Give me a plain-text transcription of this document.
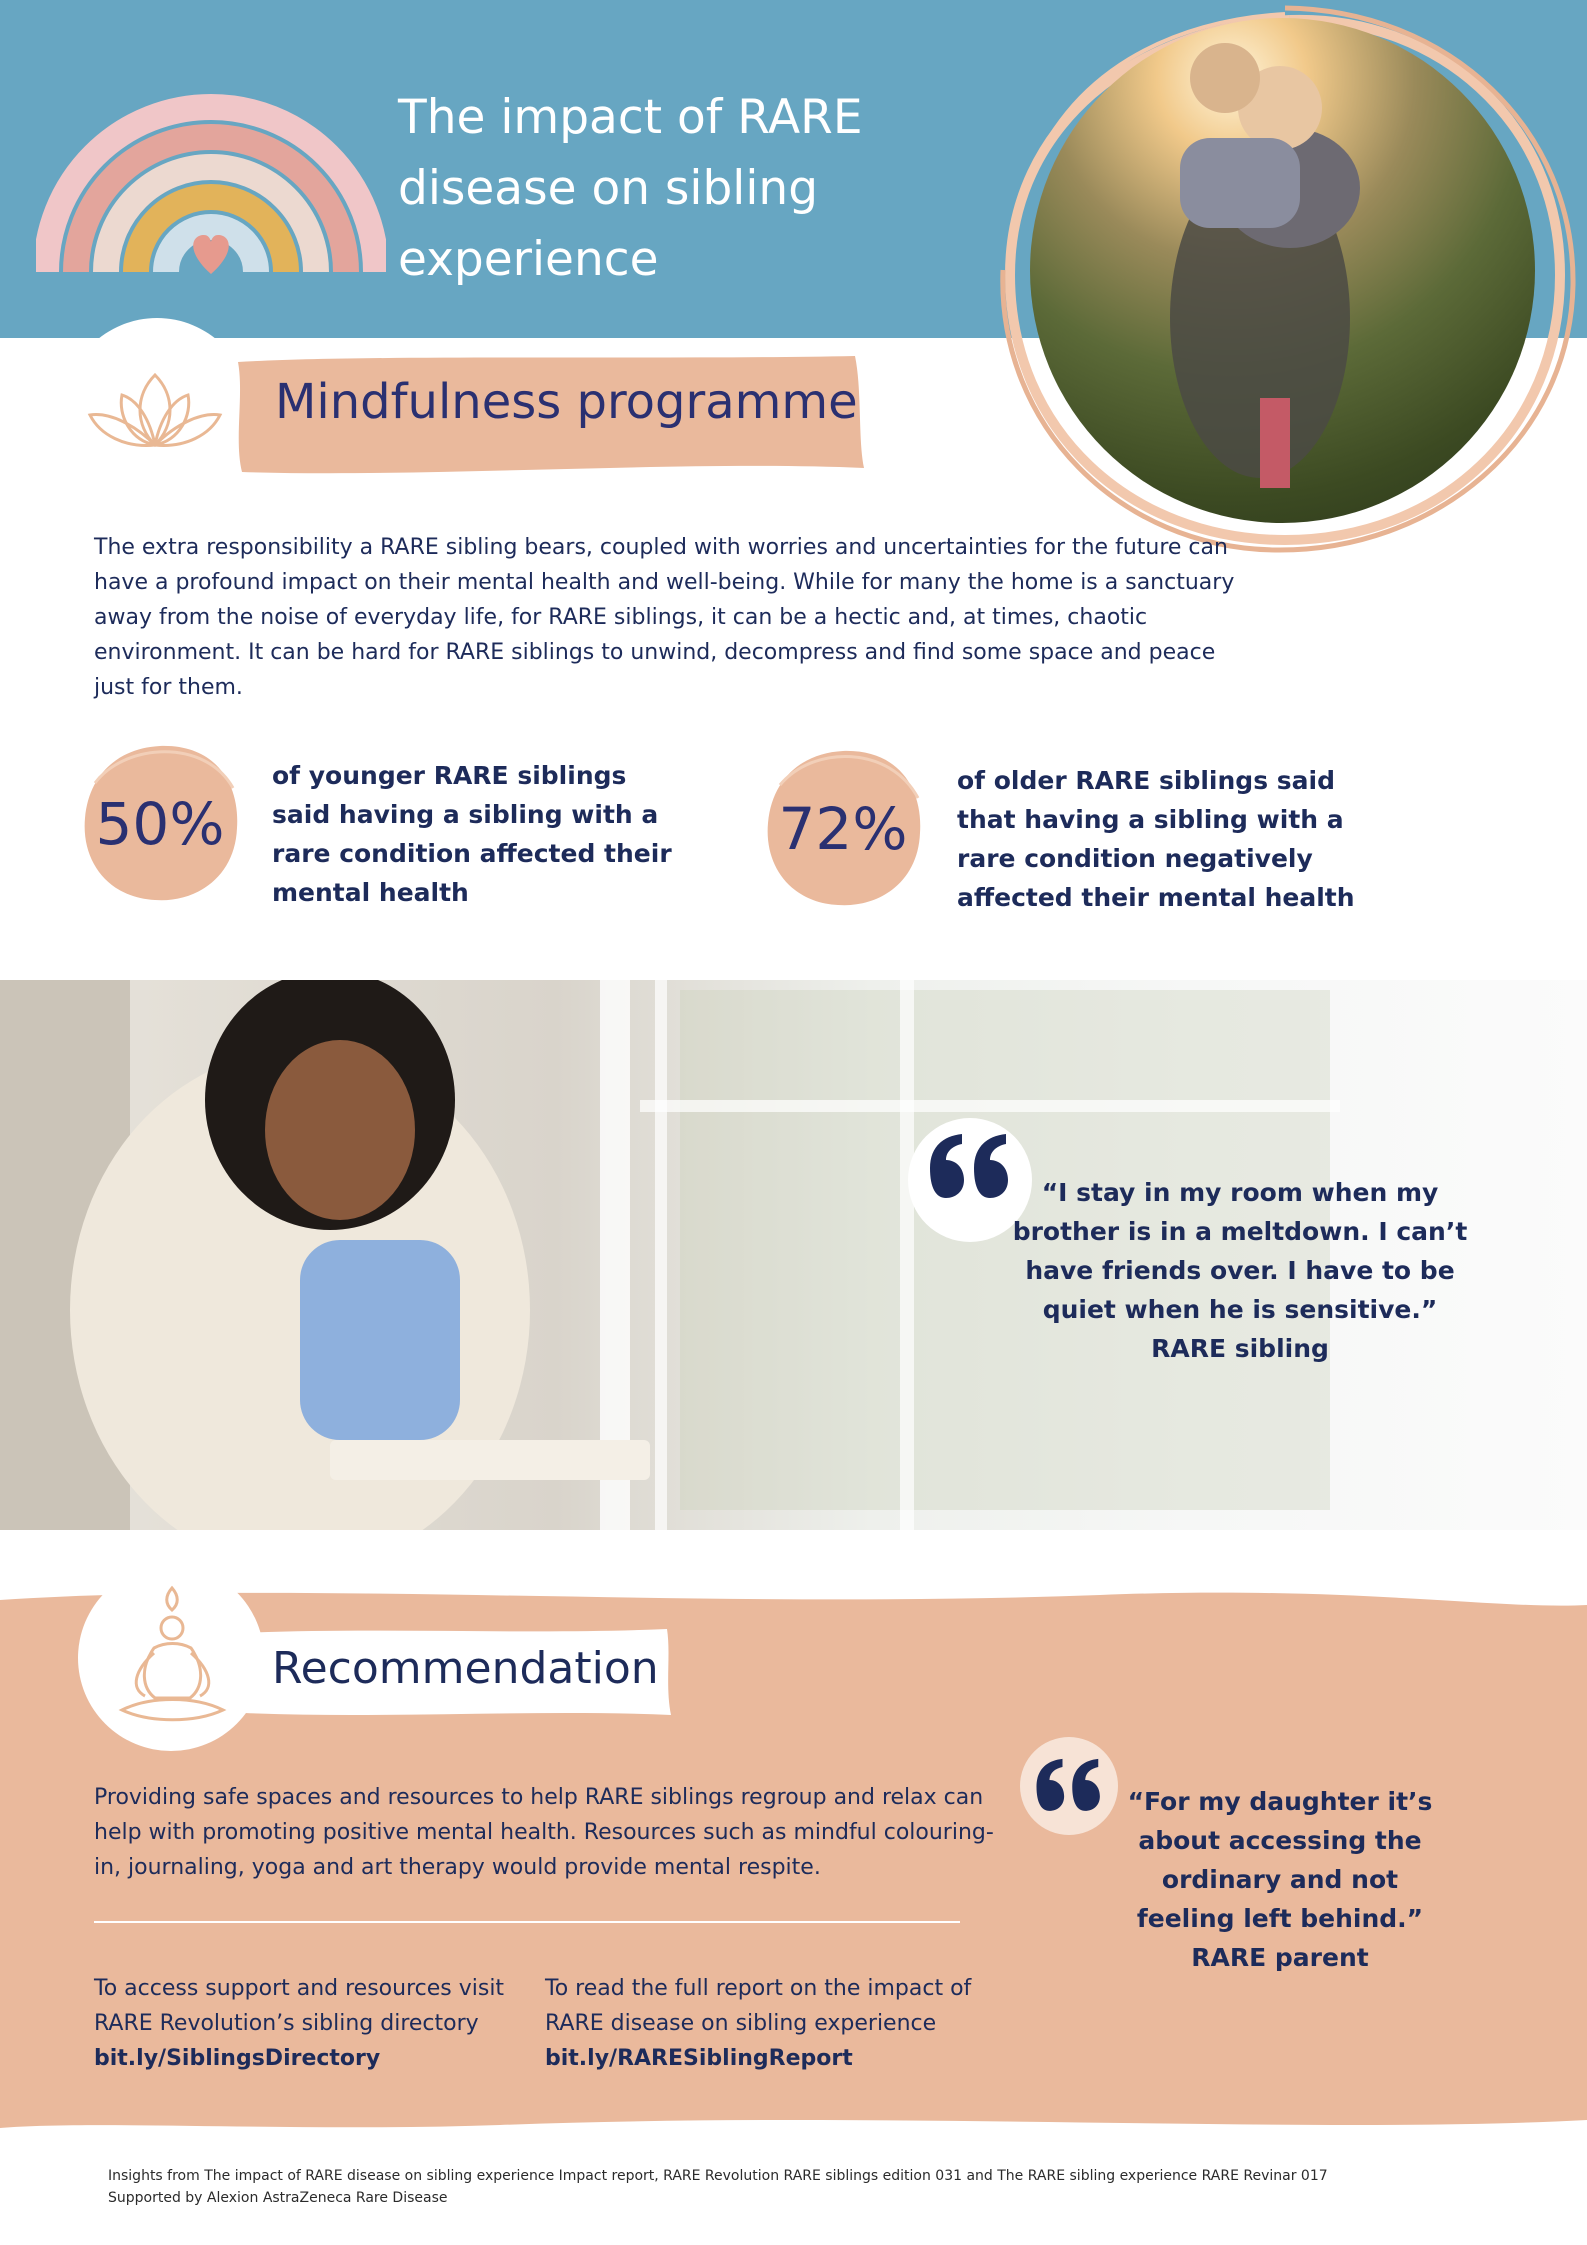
The impact of RARE disease on sibling experience
Mindfulness programme

The extra responsibility a RARE sibling bears, coupled with worries and uncertainties for the future can have a profound impact on their mental health and well-being. While for many the home is a sanctuary away from the noise of everyday life, for RARE siblings, it can be a hectic and, at times, chaotic environment. It can be hard for RARE siblings to unwind, decompress and find some space and peace just for them.

50%

of younger RARE siblings said having a sibling with a rare condition affected their mental health

72%

of older RARE siblings said that having a sibling with a rare condition negatively affected their mental health

“I stay in my room when my brother is in a meltdown. I can’t have friends over. I have to be quiet when he is sensitive.”

RARE sibling

Recommendation

Providing safe spaces and resources to help RARE siblings regroup and relax can help with promoting positive mental health. Resources such as mindful colouring-in, journaling, yoga and art therapy would provide mental respite.

To access support and resources visit RARE Revolution’s sibling directory

bit.ly/SiblingsDirectory

To read the full report on the impact of RARE disease on sibling experience

bit.ly/RARESiblingReport

“For my daughter it’s about accessing the ordinary and not feeling left behind.”

RARE parent

Insights from The impact of RARE disease on sibling experience Impact report, RARE Revolution RARE siblings edition 031 and The RARE sibling experience RARE Revinar 017
Supported by Alexion AstraZeneca Rare Disease
